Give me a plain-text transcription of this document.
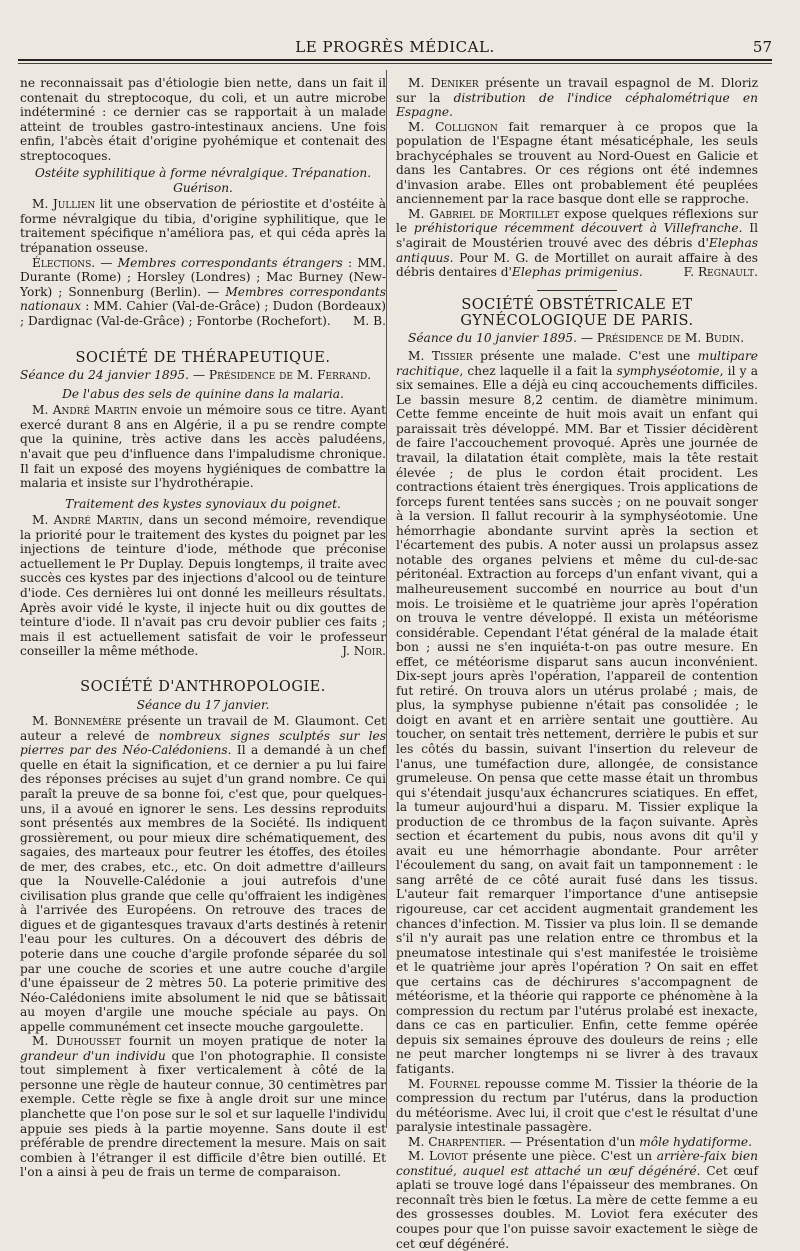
LE PROGRÈS MÉDICAL.	57

ne reconnaissait pas d'étiologie bien nette, dans un fait il contenait du streptocoque, du coli, et un autre microbe indéterminé : ce dernier cas se rapportait à un malade atteint de troubles gastro-intestinaux anciens. Une fois enfin, l'abcès était d'origine pyohémique et contenait des streptocoques.

Ostéite syphilitique à forme névralgique. Trépanation. Guérison.

M. Jullien lit une observation de périostite et d'ostéite à forme névralgique du tibia, d'origine syphilitique, que le traitement spécifique n'améliora pas, et qui céda après la trépanation osseuse.

Élections. — Membres correspondants étrangers : MM. Durante (Rome) ; Horsley (Londres) ; Mac Burney (New-York) ; Sonnenburg (Berlin). — Membres correspondants nationaux : MM. Cahier (Val-de-Grâce) ; Dudon (Bordeaux) ; Dardignac (Val-de-Grâce) ; Fontorbe (Rochefort).	M. B.

SOCIÉTÉ DE THÉRAPEUTIQUE.

Séance du 24 janvier 1895. — Présidence de M. Ferrand.

De l'abus des sels de quinine dans la malaria.

M. André Martin envoie un mémoire sous ce titre. Ayant exercé durant 8 ans en Algérie, il a pu se rendre compte que la quinine, très active dans les accès paludéens, n'avait que peu d'influence dans l'impaludisme chronique. Il fait un exposé des moyens hygiéniques de combattre la malaria et insiste sur l'hydrothérapie.

Traitement des kystes synoviaux du poignet.

M. André Martin, dans un second mémoire, revendique la priorité pour le traitement des kystes du poignet par les injections de teinture d'iode, méthode que préconise actuellement le Pr Duplay. Depuis longtemps, il traite avec succès ces kystes par des injections d'alcool ou de teinture d'iode. Ces dernières lui ont donné les meilleurs résultats. Après avoir vidé le kyste, il injecte huit ou dix gouttes de teinture d'iode. Il n'avait pas cru devoir publier ces faits ; mais il est actuellement satisfait de voir le professeur conseiller la même méthode.	J. Noir.

SOCIÉTÉ D'ANTHROPOLOGIE.

Séance du 17 janvier.

M. Bonnemère présente un travail de M. Glaumont. Cet auteur a relevé de nombreux signes sculptés sur les pierres par des Néo-Calédoniens. Il a demandé à un chef quelle en était la signification, et ce dernier a pu lui faire des réponses précises au sujet d'un grand nombre. Ce qui paraît la preuve de sa bonne foi, c'est que, pour quelques-uns, il a avoué en ignorer le sens. Les dessins reproduits sont présentés aux membres de la Société. Ils indiquent grossièrement, ou pour mieux dire schématiquement, des sagaies, des marteaux pour feutrer les étoffes, des étoiles de mer, des crabes, etc., etc. On doit admettre d'ailleurs que la Nouvelle-Calédonie a joui autrefois d'une civilisation plus grande que celle qu'offraient les indigènes à l'arrivée des Européens. On retrouve des traces de digues et de gigantesques travaux d'arts destinés à retenir l'eau pour les cultures. On a découvert des débris de poterie dans une couche d'argile profonde séparée du sol par une couche de scories et une autre couche d'argile d'une épaisseur de 2 mètres 50. La poterie primitive des Néo-Calédoniens imite absolument le nid que se bâtissait au moyen d'argile une mouche spéciale au pays. On appelle communément cet insecte mouche gargoulette.

M. Duhousset fournit un moyen pratique de noter la grandeur d'un individu que l'on photographie. Il consiste tout simplement à fixer verticalement à côté de la personne une règle de hauteur connue, 30 centimètres par exemple. Cette règle se fixe à angle droit sur une mince planchette que l'on pose sur le sol et sur laquelle l'individu appuie ses pieds à la partie moyenne. Sans doute il est préférable de prendre directement la mesure. Mais on sait combien à l'étranger il est difficile d'être bien outillé. Et l'on a ainsi à peu de frais un terme de comparaison.

M. Deniker présente un travail espagnol de M. Dloriz sur la distribution de l'indice céphalométrique en Espagne.

M. Collignon fait remarquer à ce propos que la population de l'Espagne étant mésaticéphale, les seuls brachycéphales se trouvent au Nord-Ouest en Galicie et dans les Cantabres. Or ces régions ont été indemnes d'invasion arabe. Elles ont probablement été peuplées anciennement par la race basque dont elle se rapproche.

M. Gabriel de Mortillet expose quelques réflexions sur le préhistorique récemment découvert à Villefranche. Il s'agirait de Moustérien trouvé avec des débris d'Elephas antiquus. Pour M. G. de Mortillet on aurait affaire à des débris dentaires d'Elephas primigenius.	F. Regnault.

SOCIÉTÉ OBSTÉTRICALE ET GYNÉCOLOGIQUE DE PARIS.

Séance du 10 janvier 1895. — Présidence de M. Budin.

M. Tissier présente une malade. C'est une multipare rachitique, chez laquelle il a fait la symphyséotomie, il y a six semaines. Elle a déjà eu cinq accouchements difficiles. Le bassin mesure 8,2 centim. de diamètre minimum. Cette femme enceinte de huit mois avait un enfant qui paraissait très développé. MM. Bar et Tissier décidèrent de faire l'accouchement provoqué. Après une journée de travail, la dilatation était complète, mais la tête restait élevée ; de plus le cordon était procident. Les contractions étaient très énergiques. Trois applications de forceps furent tentées sans succès ; on ne pouvait songer à la version. Il fallut recourir à la symphyséotomie. Une hémorrhagie abondante survint après la section et l'écartement des pubis. A noter aussi un prolapsus assez notable des organes pelviens et même du cul-de-sac péritonéal. Extraction au forceps d'un enfant vivant, qui a malheureusement succombé en nourrice au bout d'un mois. Le troisième et le quatrième jour après l'opération on trouva le ventre développé. Il exista un météorisme considérable. Cependant l'état général de la malade était bon ; aussi ne s'en inquiéta-t-on pas outre mesure. En effet, ce météorisme disparut sans aucun inconvénient. Dix-sept jours après l'opération, l'appareil de contention fut retiré. On trouva alors un utérus prolabé ; mais, de plus, la symphyse pubienne n'était pas consolidée ; le doigt en avant et en arrière sentait une gouttière. Au toucher, on sentait très nettement, derrière le pubis et sur les côtés du bassin, suivant l'insertion du releveur de l'anus, une tuméfaction dure, allongée, de consistance grumeleuse. On pensa que cette masse était un thrombus qui s'étendait jusqu'aux échancrures sciatiques. En effet, la tumeur aujourd'hui a disparu. M. Tissier explique la production de ce thrombus de la façon suivante. Après section et écartement du pubis, nous avons dit qu'il y avait eu une hémorrhagie abondante. Pour arrêter l'écoulement du sang, on avait fait un tamponnement : le sang arrêté de ce côté aurait fusé dans les tissus. L'auteur fait remarquer l'importance d'une antisepsie rigoureuse, car cet accident augmentait grandement les chances d'infection. M. Tissier va plus loin. Il se demande s'il n'y aurait pas une relation entre ce thrombus et la pneumatose intestinale qui s'est manifestée le troisième et le quatrième jour après l'opération ? On sait en effet que certains cas de déchirures s'accompagnent de météorisme, et la théorie qui rapporte ce phénomène à la compression du rectum par l'utérus prolabé est inexacte, dans ce cas en particulier. Enfin, cette femme opérée depuis six semaines éprouve des douleurs de reins ; elle ne peut marcher longtemps ni se livrer à des travaux fatigants.

M. Fournel repousse comme M. Tissier la théorie de la compression du rectum par l'utérus, dans la production du météorisme. Avec lui, il croit que c'est le résultat d'une paralysie intestinale passagère.

M. Charpentier. — Présentation d'un môle hydatiforme.

M. Loviot présente une pièce. C'est un arrière-faix bien constitué, auquel est attaché un œuf dégénéré. Cet œuf aplati se trouve logé dans l'épaisseur des membranes. On reconnaît très bien le fœtus. La mère de cette femme a eu des grossesses doubles. M. Loviot fera exécuter des coupes pour que l'on puisse savoir exactement le siège de cet œuf dégénéré.
